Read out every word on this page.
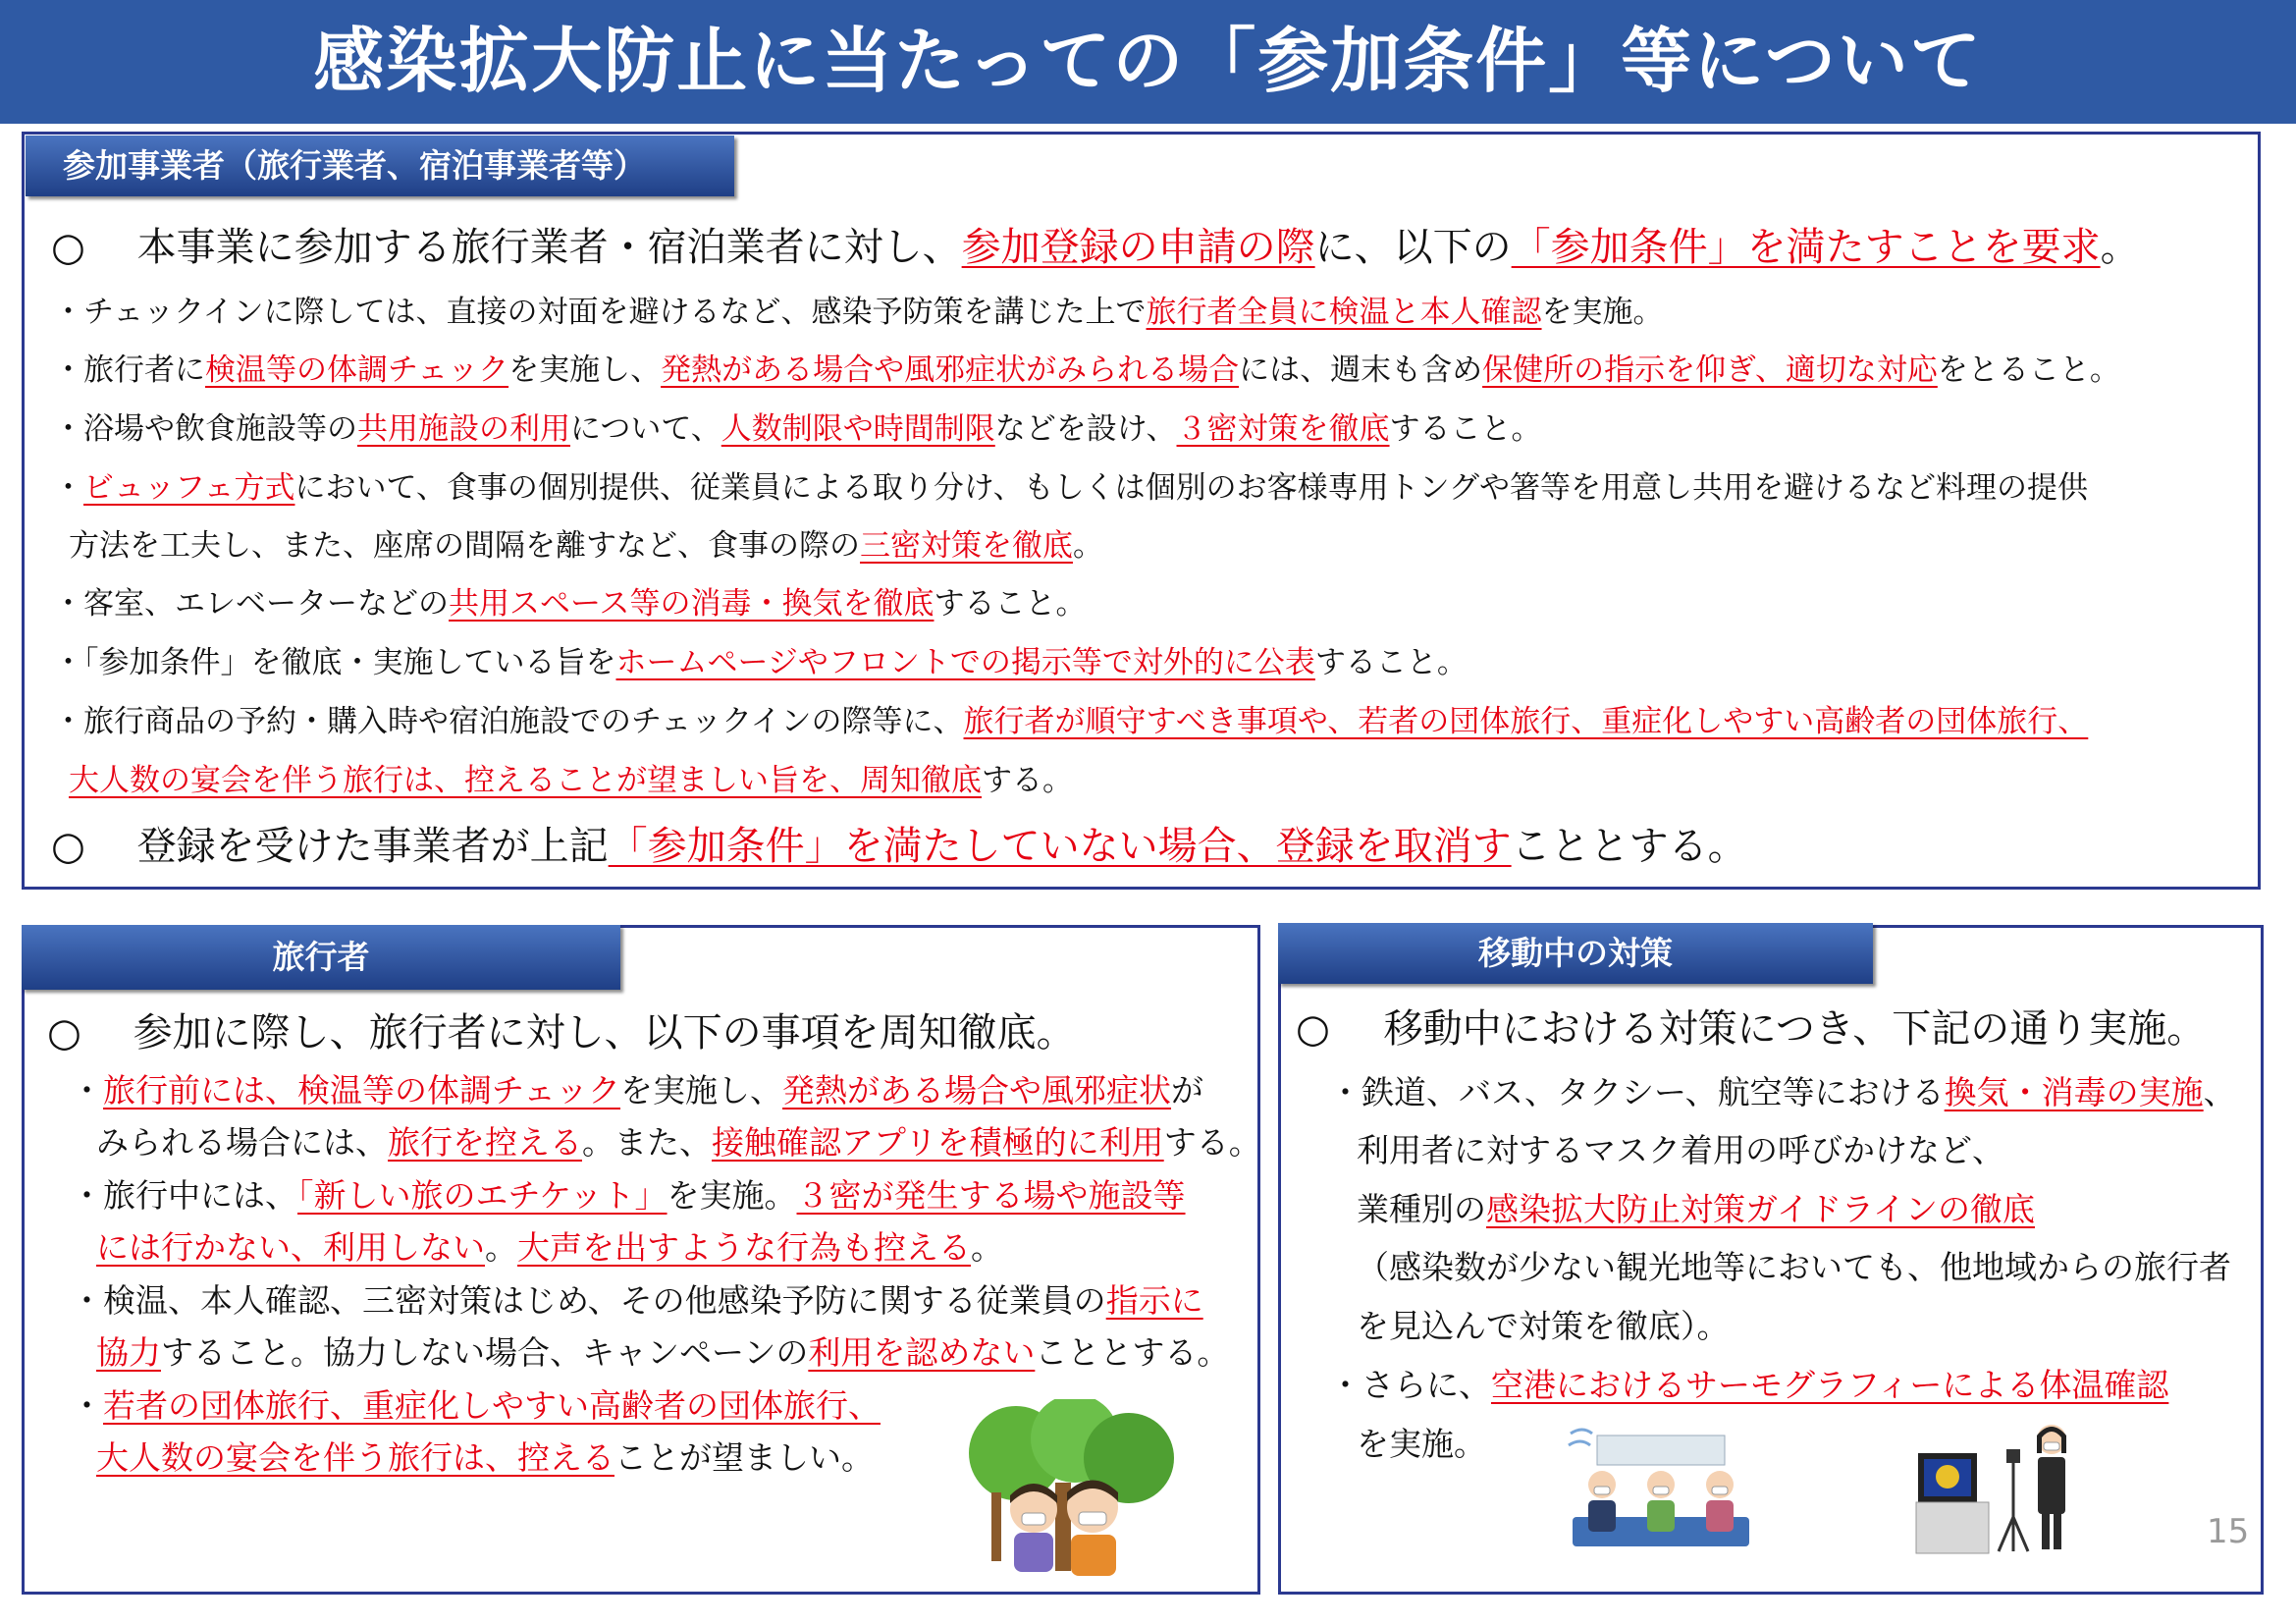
感染拡大防止に当たっての「参加条件」等について
参加事業者（旅行業者、宿泊事業者等）
○ 本事業に参加する旅行業者・宿泊業者に対し、参加登録の申請の際に、以下の「参加条件」を満たすことを要求。
・チェックインに際しては、直接の対面を避けるなど、感染予防策を講じた上で旅行者全員に検温と本人確認を実施。
・旅行者に検温等の体調チェックを実施し、発熱がある場合や風邪症状がみられる場合には、週末も含め保健所の指示を仰ぎ、適切な対応をとること。
・浴場や飲食施設等の共用施設の利用について、人数制限や時間制限などを設け、３密対策を徹底すること。
・ビュッフェ方式において、食事の個別提供、従業員による取り分け、もしくは個別のお客様専用トングや箸等を用意し共用を避けるなど料理の提供
方法を工夫し、また、座席の間隔を離すなど、食事の際の三密対策を徹底。
・客室、エレベーターなどの共用スペース等の消毒・換気を徹底すること。
・「参加条件」を徹底・実施している旨をホームページやフロントでの掲示等で対外的に公表すること。
・旅行商品の予約・購入時や宿泊施設でのチェックインの際等に、旅行者が順守すべき事項や、若者の団体旅行、重症化しやすい高齢者の団体旅行、
大人数の宴会を伴う旅行は、控えることが望ましい旨を、周知徹底する。
○ 登録を受けた事業者が上記「参加条件」を満たしていない場合、登録を取消すこととする。
旅行者
○ 参加に際し、旅行者に対し、以下の事項を周知徹底。
・旅行前には、検温等の体調チェックを実施し、発熱がある場合や風邪症状が
みられる場合には、旅行を控える。また、接触確認アプリを積極的に利用する。
・旅行中には、「新しい旅のエチケット」を実施。３密が発生する場や施設等
には行かない、利用しない。大声を出すような行為も控える。
・検温、本人確認、三密対策はじめ、その他感染予防に関する従業員の指示に
協力すること。協力しない場合、キャンペーンの利用を認めないこととする。
・若者の団体旅行、重症化しやすい高齢者の団体旅行、
大人数の宴会を伴う旅行は、控えることが望ましい。
移動中の対策
○ 移動中における対策につき、下記の通り実施。
・鉄道、バス、タクシー、航空等における換気・消毒の実施、
利用者に対するマスク着用の呼びかけなど、
業種別の感染拡大防止対策ガイドラインの徹底
（感染数が少ない観光地等においても、他地域からの旅行者
を見込んで対策を徹底）。
・さらに、空港におけるサーモグラフィーによる体温確認
を実施。
15
